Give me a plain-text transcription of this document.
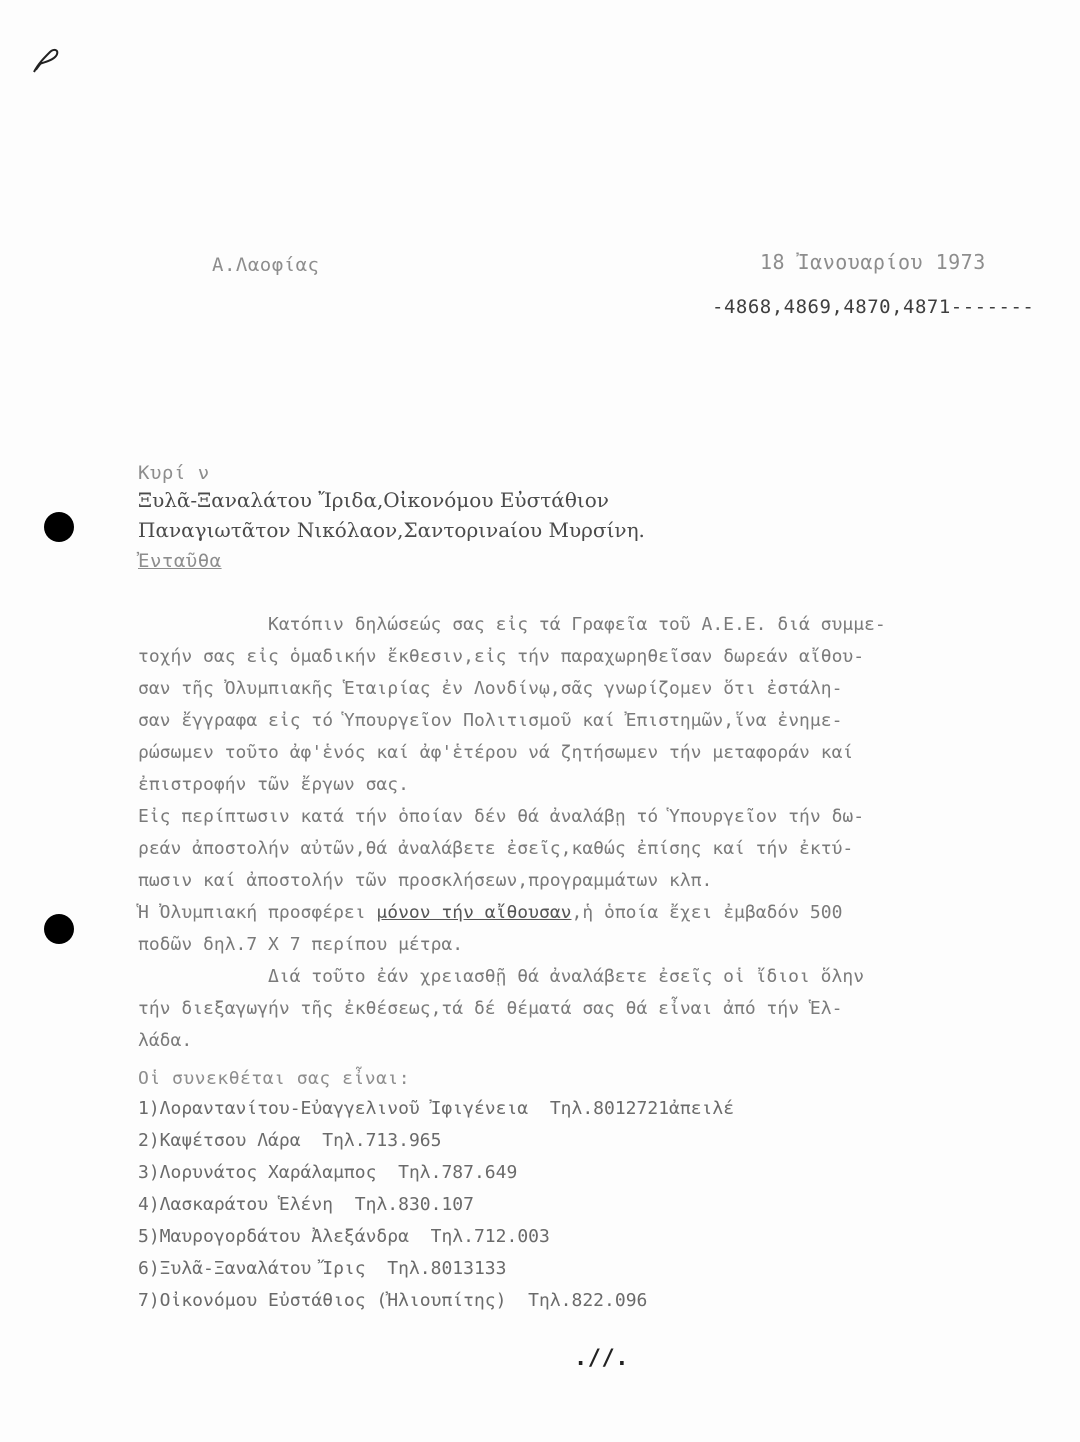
Α.Λαοφίας	18 Ἰανουαρίου 1973
-4868,4869,4870,4871-------
Κυρί ν
Ξυλᾶ-Ξαναλάτου Ἴριδα,Οἰκονόμου Εὐστάθιον
Παναγιωτᾶτον Νικόλαον,Σαντορινaίου Μυρσίνη.
Ἐνταῦθα
Κατόπιν δηλώσεώς σας εἰς τά Γραφεῖα τοῦ Α.Ε.Ε. διά συμμε-
τοχήν σας εἰς ὁμαδικήν ἔκθεσιν,εἰς τήν παραχωρηθεῖσαν δωρεάν αἴθου-
σαν τῆς Ὀλυμπιακῆς Ἑταιρίας ἐν Λονδίνῳ,σᾶς γνωρίζομεν ὅτι ἐστάλη-
σαν ἔγγραφα εἰς τό Ὑπουργεῖον Πολιτισμοῦ καί Ἐπιστημῶν,ἵνα ἐνημε-
ρώσωμεν τοῦτο ἀφ'ἑνός καί ἀφ'ἑτέρου νά ζητήσωμεν τήν μεταφοράν καί
ἐπιστροφήν τῶν ἔργων σας.
Εἰς περίπτωσιν κατά τήν ὁποίαν δέν θά ἀναλάβῃ τό Ὑπουργεῖον τήν δω-
ρεάν ἀποστολήν αὐτῶν,θά ἀναλάβετε ἐσεῖς,καθώς ἐπίσης καί τήν ἐκτύ-
πωσιν καί ἀποστολήν τῶν προσκλήσεων,προγραμμάτων κλπ.
Ἡ Ὀλυμπιακή προσφέρει μόνον τήν αἴθουσαν,ἡ ὁποία ἔχει ἐμβαδόν 500
ποδῶν δηλ.7 Χ 7 περίπου μέτρα.
Διά τοῦτο ἐάν χρειασθῇ θά ἀναλάβετε ἐσεῖς οἱ ἴδιοι ὅλην
τήν διεξαγωγήν τῆς ἐκθέσεως,τά δέ θέματά σας θά εἶναι ἀπό τήν Ἑλ-
λάδα.
Οἱ συνεκθέται σας εἶναι:
1)Λοραντανίτου-Εὐαγγελινοῦ Ἰφιγένεια Τηλ.8012721ἀπειλέ
2)Καψέτσου Λάρα Τηλ.713.965
3)Λορυνάτος Χαράλαμπος Τηλ.787.649
4)Λασκαράτου Ἑλένη Τηλ.830.107
5)Μαυρογορδάτου Ἀλεξάνδρα Τηλ.712.003
6)Ξυλᾶ-Ξαναλάτου Ἴρις Τηλ.8013133
7)Οἰκονόμου Εὐστάθιος (Ἠλιουπίτης) Τηλ.822.096
.//.
